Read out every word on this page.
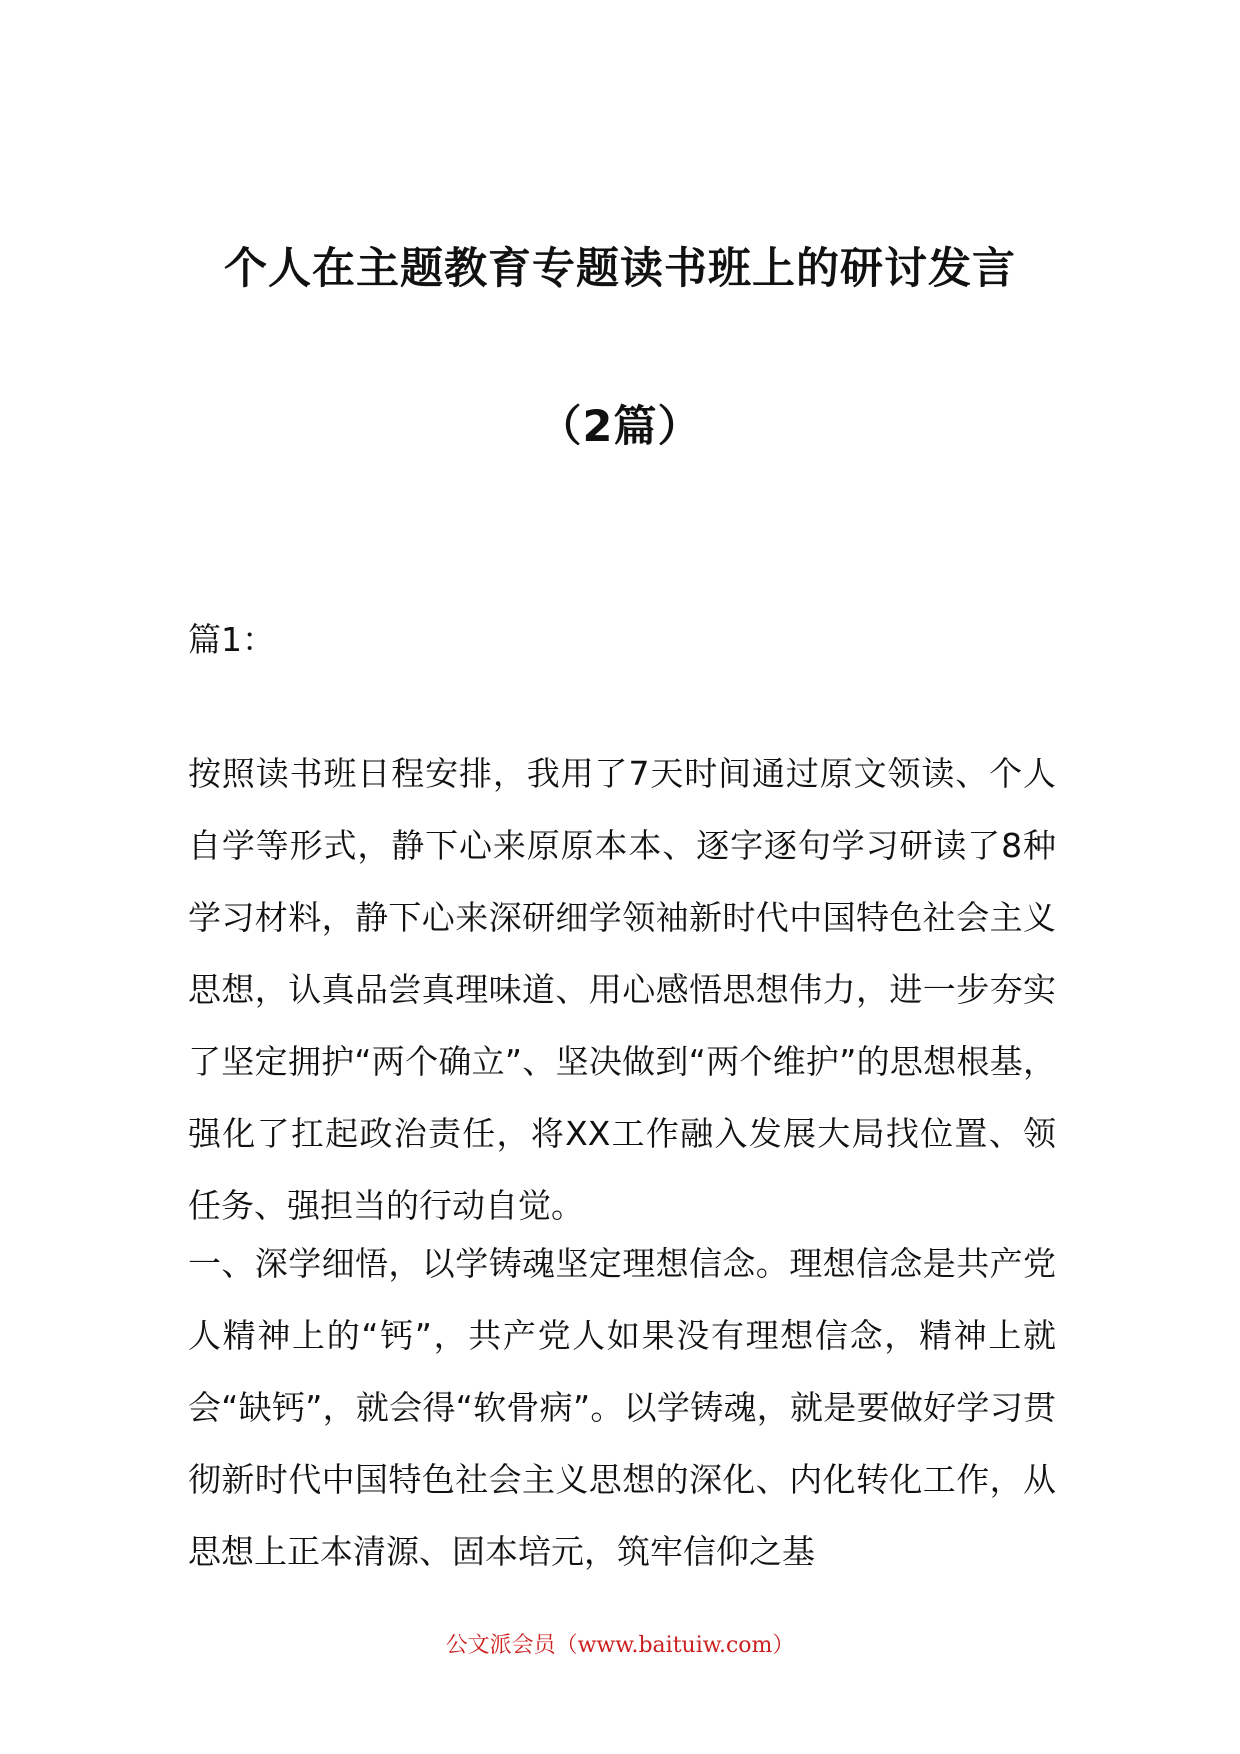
个人在主题教育专题读书班上的研讨发言
（2篇）
篇1：
按照读书班日程安排，我用了7天时间通过原文领读、个人自学等形式，静下心来原原本本、逐字逐句学习研读了8种学习材料，静下心来深研细学领袖新时代中国特色社会主义思想，认真品尝真理味道、用心感悟思想伟力，进一步夯实了坚定拥护“两个确立”、坚决做到“两个维护”的思想根基，强化了扛起政治责任，将XX工作融入发展大局找位置、领任务、强担当的行动自觉。
一、深学细悟，以学铸魂坚定理想信念。理想信念是共产党人精神上的“钙”，共产党人如果没有理想信念，精神上就会“缺钙”，就会得“软骨病”。以学铸魂，就是要做好学习贯彻新时代中国特色社会主义思想的深化、内化转化工作，从思想上正本清源、固本培元，筑牢信仰之基
公文派会员（www.baituiw.com）
